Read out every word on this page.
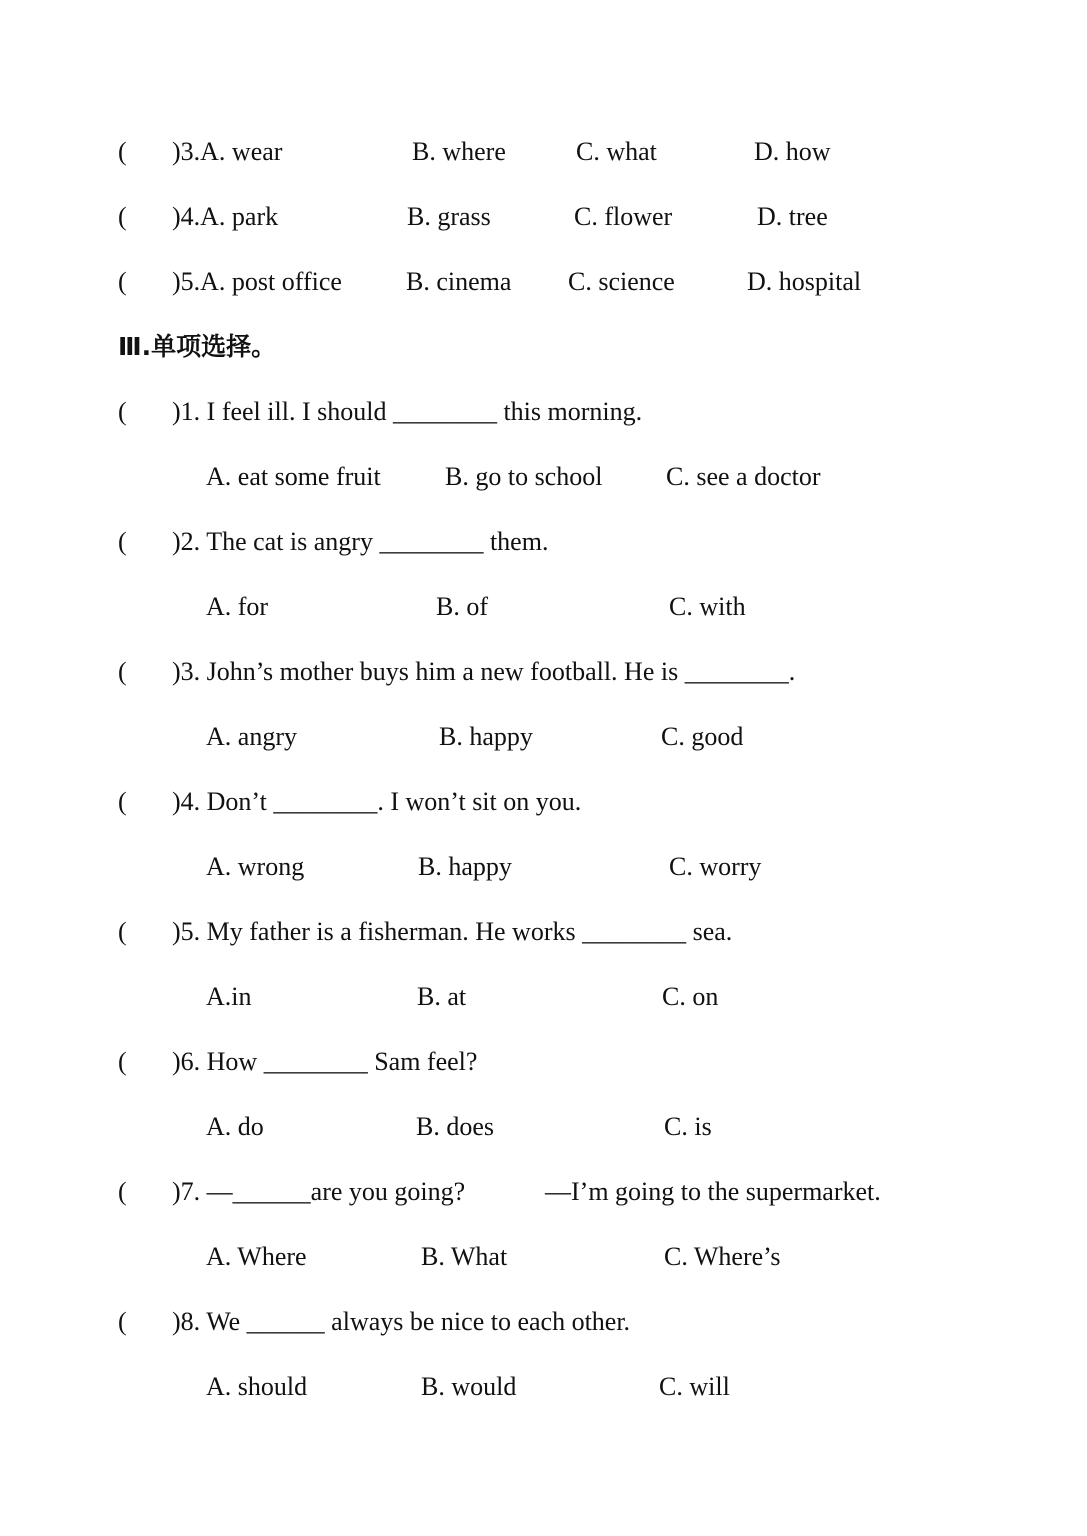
( )3.A. wear	B. where	C. what	D. how
( )4.A. park	B. grass	C. flower	D. tree
( )5.A. post office B. cinema C. science	D. hospital
Ⅲ.单项选择。
( )1. I feel ill. I should ________ this morning.
A. eat some fruit B. go to school C. see a doctor
( )2. The cat is angry ________ them.
A. for	B. of	C. with
( )3. John’s mother buys him a new football. He is ________.
A. angry	B. happy	C. good
( )4. Don’t ________. I won’t sit on you.
A. wrong	B. happy	C. worry
( )5. My father is a fisherman. He works ________ sea.
A.in	B. at	C. on
( )6. How ________ Sam feel?
A. do	B. does	C. is
( )7. —______are you going?	—I’m going to the supermarket.
A. Where	B. What	C. Where’s
( )8. We ______ always be nice to each other.
A. should	B. would	C. will
